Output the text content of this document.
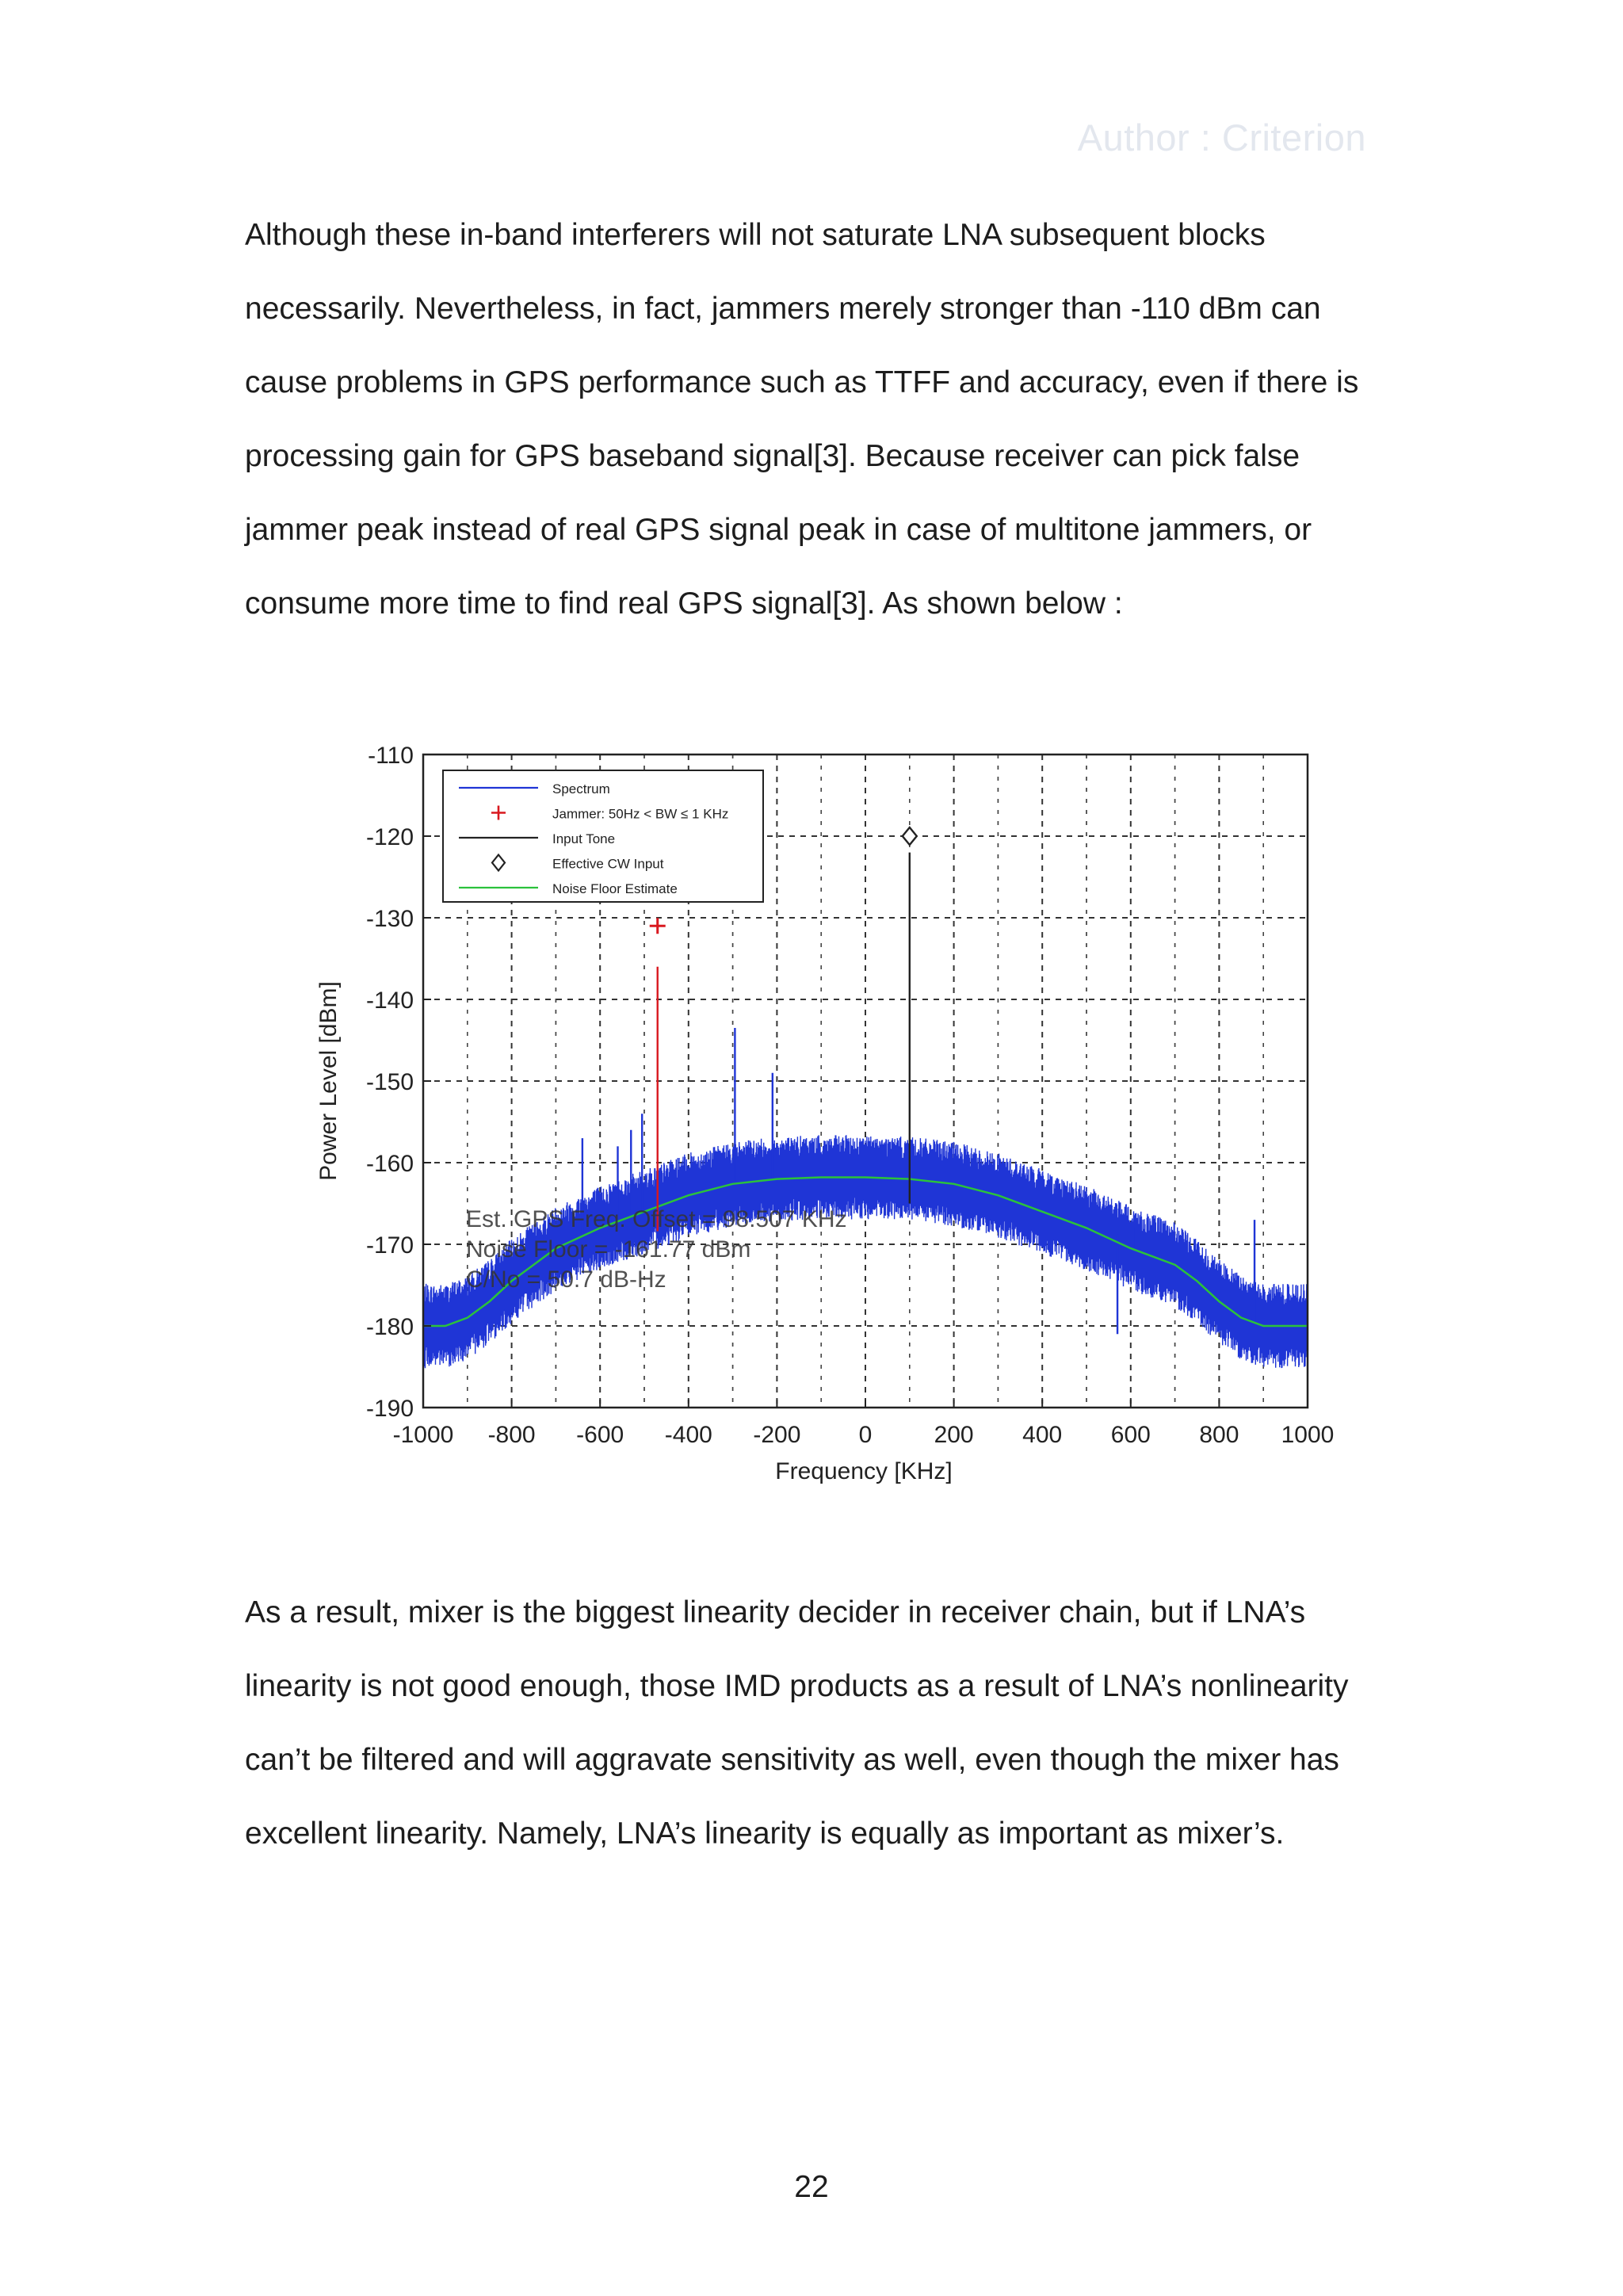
Author : Criterion
Although these in-band interferers will not saturate LNA subsequent blocks
necessarily. Nevertheless, in fact, jammers merely stronger than -110 dBm can
cause problems in GPS performance such as TTFF and accuracy, even if there is
processing gain for GPS baseband signal[3]. Because receiver can pick false
jammer peak instead of real GPS signal peak in case of multitone jammers, or
consume more time to find real GPS signal[3]. As shown below :
-1000 -800 -600 -400 -200 0	200 400 600 800 1000
-110
-120
-130
-140
-150
-160
-170
-180
-190
Est. GPS Freq. Offset = 98.507 KHz
Noise Floor = -161.77 dBm
C/No = 50.7 dB-Hz
Frequency [KHz]
Power Level [dBm]
Spectrum
Jammer: 50Hz < BW ≤ 1 KHz
Input Tone
Effective CW Input
Noise Floor Estimate
As a result, mixer is the biggest linearity decider in receiver chain, but if LNA’s
linearity is not good enough, those IMD products as a result of LNA’s nonlinearity
can’t be filtered and will aggravate sensitivity as well, even though the mixer has
excellent linearity. Namely, LNA’s linearity is equally as important as mixer’s.
22
